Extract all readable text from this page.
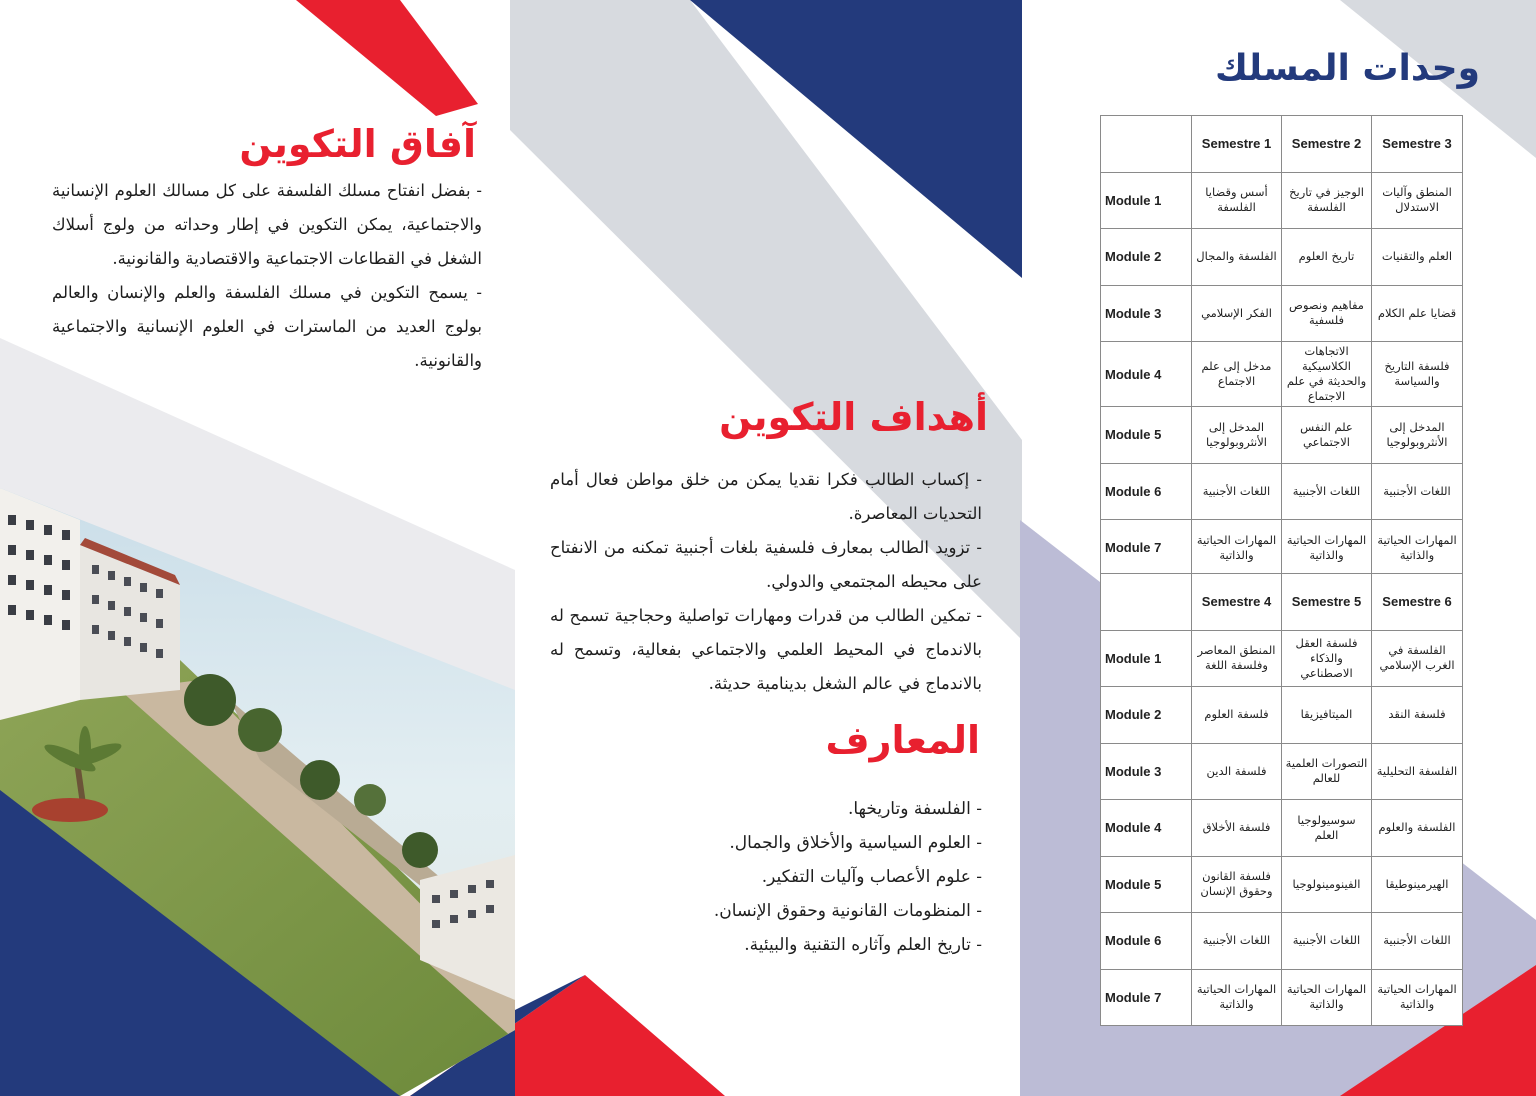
آفاق التكوين

- بفضل انفتاح مسلك الفلسفة على كل مسالك العلوم الإنسانية والاجتماعية، يمكن التكوين في إطار وحداته من ولوج أسلاك الشغل في القطاعات الاجتماعية والاقتصادية والقانونية.

- يسمح التكوين في مسلك الفلسفة والعلم والإنسان والعالم بولوج العديد من الماسترات في العلوم الإنسانية والاجتماعية والقانونية.

أهداف التكوين

- إكساب الطالب فكرا نقديا يمكن من خلق مواطن فعال أمام التحديات المعاصرة.

- تزويد الطالب بمعارف فلسفية بلغات أجنبية تمكنه من الانفتاح على محيطه المجتمعي والدولي.

- تمكين الطالب من قدرات ومهارات تواصلية وحجاجية تسمح له بالاندماج في المحيط العلمي والاجتماعي بفعالية، وتسمح له بالاندماج في عالم الشغل بدينامية حديثة.

المعارف
- الفلسفة وتاريخها.
- العلوم السياسية والأخلاق والجمال.
- علوم الأعصاب وآليات التفكير.
- المنظومات القانونية وحقوق الإنسان.
- تاريخ العلم وآثاره التقنية والبيئية.
وحدات المسلك
	Semestre 1	Semestre 2	Semestre 3
Module 1	أسس وقضايا الفلسفة	الوجيز في تاريخ الفلسفة	المنطق وآليات الاستدلال
Module 2	الفلسفة والمجال	تاريخ العلوم	العلم والتقنيات
Module 3	الفكر الإسلامي	مفاهيم ونصوص فلسفية	قضايا علم الكلام
Module 4	مدخل إلى علم الاجتماع	الاتجاهات الكلاسيكية والحديثة في علم الاجتماع	فلسفة التاريخ والسياسة
Module 5	المدخل إلى الأنثروبولوجيا	علم النفس الاجتماعي	المدخل إلى الأنثروبولوجيا
Module 6	اللغات الأجنبية	اللغات الأجنبية	اللغات الأجنبية
Module 7	المهارات الحياتية والذاتية	المهارات الحياتية والذاتية	المهارات الحياتية والذاتية
	Semestre 4	Semestre 5	Semestre 6
Module 1	المنطق المعاصر وفلسفة اللغة	فلسفة العقل والذكاء الاصطناعي	الفلسفة في الغرب الإسلامي
Module 2	فلسفة العلوم	الميتافيزيقا	فلسفة النقد
Module 3	فلسفة الدين	التصورات العلمية للعالم	الفلسفة التحليلية
Module 4	فلسفة الأخلاق	سوسيولوجيا العلم	الفلسفة والعلوم
Module 5	فلسفة القانون وحقوق الإنسان	الفينومينولوجيا	الهيرمينوطيقا
Module 6	اللغات الأجنبية	اللغات الأجنبية	اللغات الأجنبية
Module 7	المهارات الحياتية والذاتية	المهارات الحياتية والذاتية	المهارات الحياتية والذاتية
